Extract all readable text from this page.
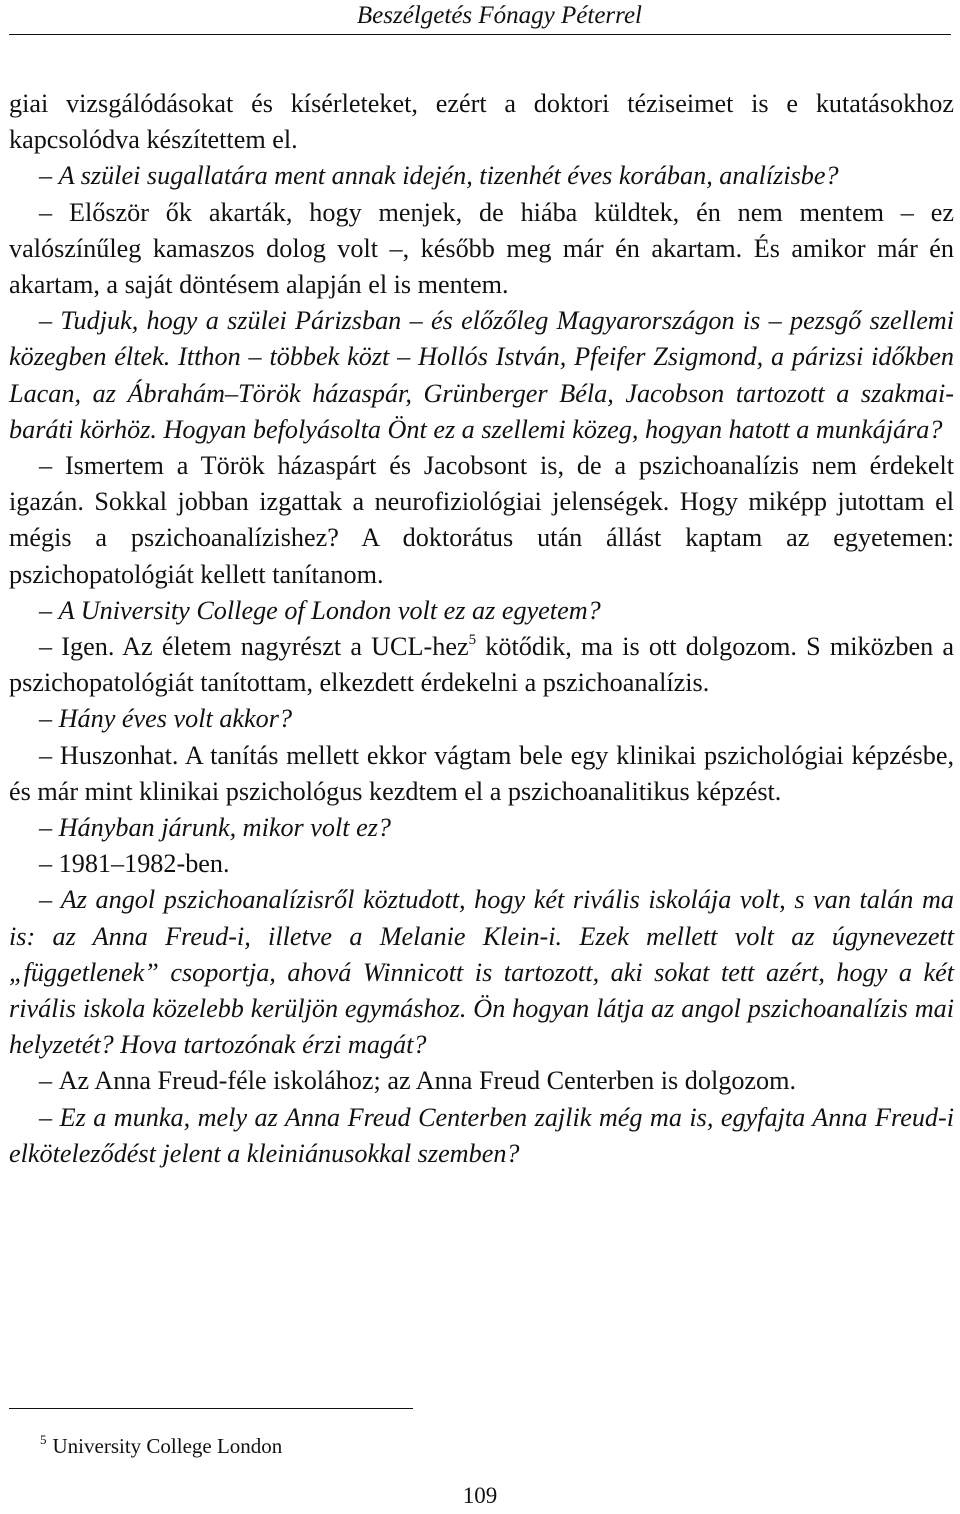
Beszélgetés Fónagy Péterrel

giai vizsgálódásokat és kísérleteket, ezért a doktori téziseimet is e kutatásokhoz kapcsolódva készítettem el.

– A szülei sugallatára ment annak idején, tizenhét éves korában, analízisbe?

– Először ők akarták, hogy menjek, de hiába küldtek, én nem mentem – ez valószínűleg kamaszos dolog volt –, később meg már én akartam. És amikor már én akartam, a saját döntésem alapján el is mentem.

– Tudjuk, hogy a szülei Párizsban – és előzőleg Magyarországon is – pezsgő szellemi közegben éltek. Itthon – többek közt – Hollós István, Pfeifer Zsigmond, a párizsi időkben Lacan, az Ábrahám–Török házaspár, Grünberger Béla, Jacobson tartozott a szakmai-baráti körhöz. Hogyan befolyásolta Önt ez a szellemi közeg, hogyan hatott a munkájára?

– Ismertem a Török házaspárt és Jacobsont is, de a pszichoanalízis nem érdekelt igazán. Sokkal jobban izgattak a neurofiziológiai jelenségek. Hogy miképp jutottam el mégis a pszichoanalízishez? A doktorátus után állást kaptam az egyetemen: pszichopatológiát kellett tanítanom.

– A University College of London volt ez az egyetem?

– Igen. Az életem nagyrészt a UCL-hez$^5$ kötődik, ma is ott dolgozom. S miközben a pszichopatológiát tanítottam, elkezdett érdekelni a pszichoanalízis.

– Hány éves volt akkor?

– Huszonhat. A tanítás mellett ekkor vágtam bele egy klinikai pszichológiai képzésbe, és már mint klinikai pszichológus kezdtem el a pszichoanalitikus képzést.

– Hányban járunk, mikor volt ez?

– 1981–1982-ben.

– Az angol pszichoanalízisről köztudott, hogy két rivális iskolája volt, s van talán ma is: az Anna Freud-i, illetve a Melanie Klein-i. Ezek mellett volt az úgynevezett „függetlenek” csoportja, ahová Winnicott is tartozott, aki sokat tett azért, hogy a két rivális iskola közelebb kerüljön egymáshoz. Ön hogyan látja az angol pszichoanalízis mai helyzetét? Hova tartozónak érzi magát?

– Az Anna Freud-féle iskolához; az Anna Freud Centerben is dolgozom.

– Ez a munka, mely az Anna Freud Centerben zajlik még ma is, egyfajta Anna Freud-i elköteleződést jelent a kleiniánusokkal szemben?

$^5$ University College London
109
